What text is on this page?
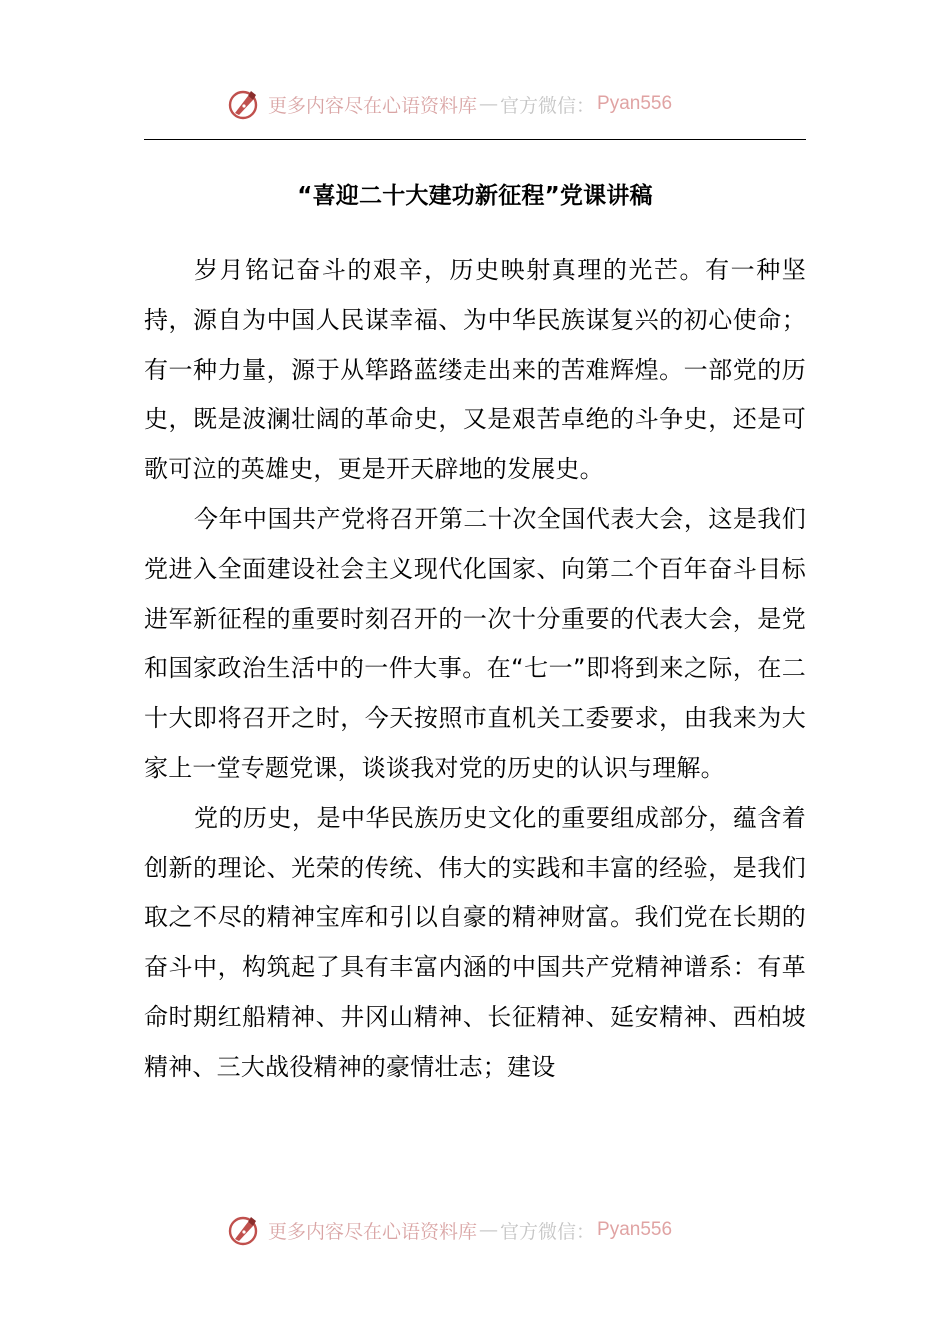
更多内容尽在心语资料库 — 官方微信： Pyan556
“喜迎二十大建功新征程”党课讲稿

岁月铭记奋斗的艰辛，历史映射真理的光芒。有一种坚持，源自为中国人民谋幸福、为中华民族谋复兴的初心使命；有一种力量，源于从筚路蓝缕走出来的苦难辉煌。一部党的历史，既是波澜壮阔的革命史，又是艰苦卓绝的斗争史，还是可歌可泣的英雄史，更是开天辟地的发展史。

今年中国共产党将召开第二十次全国代表大会，这是我们党进入全面建设社会主义现代化国家、向第二个百年奋斗目标进军新征程的重要时刻召开的一次十分重要的代表大会，是党和国家政治生活中的一件大事。在“七一”即将到来之际，在二十大即将召开之时，今天按照市直机关工委要求，由我来为大家上一堂专题党课，谈谈我对党的历史的认识与理解。

党的历史，是中华民族历史文化的重要组成部分，蕴含着创新的理论、光荣的传统、伟大的实践和丰富的经验，是我们取之不尽的精神宝库和引以自豪的精神财富。我们党在长期的奋斗中，构筑起了具有丰富内涵的中国共产党精神谱系：有革命时期红船精神、井冈山精神、长征精神、延安精神、西柏坡精神、三大战役精神的豪情壮志；建设

更多内容尽在心语资料库 — 官方微信： Pyan556
